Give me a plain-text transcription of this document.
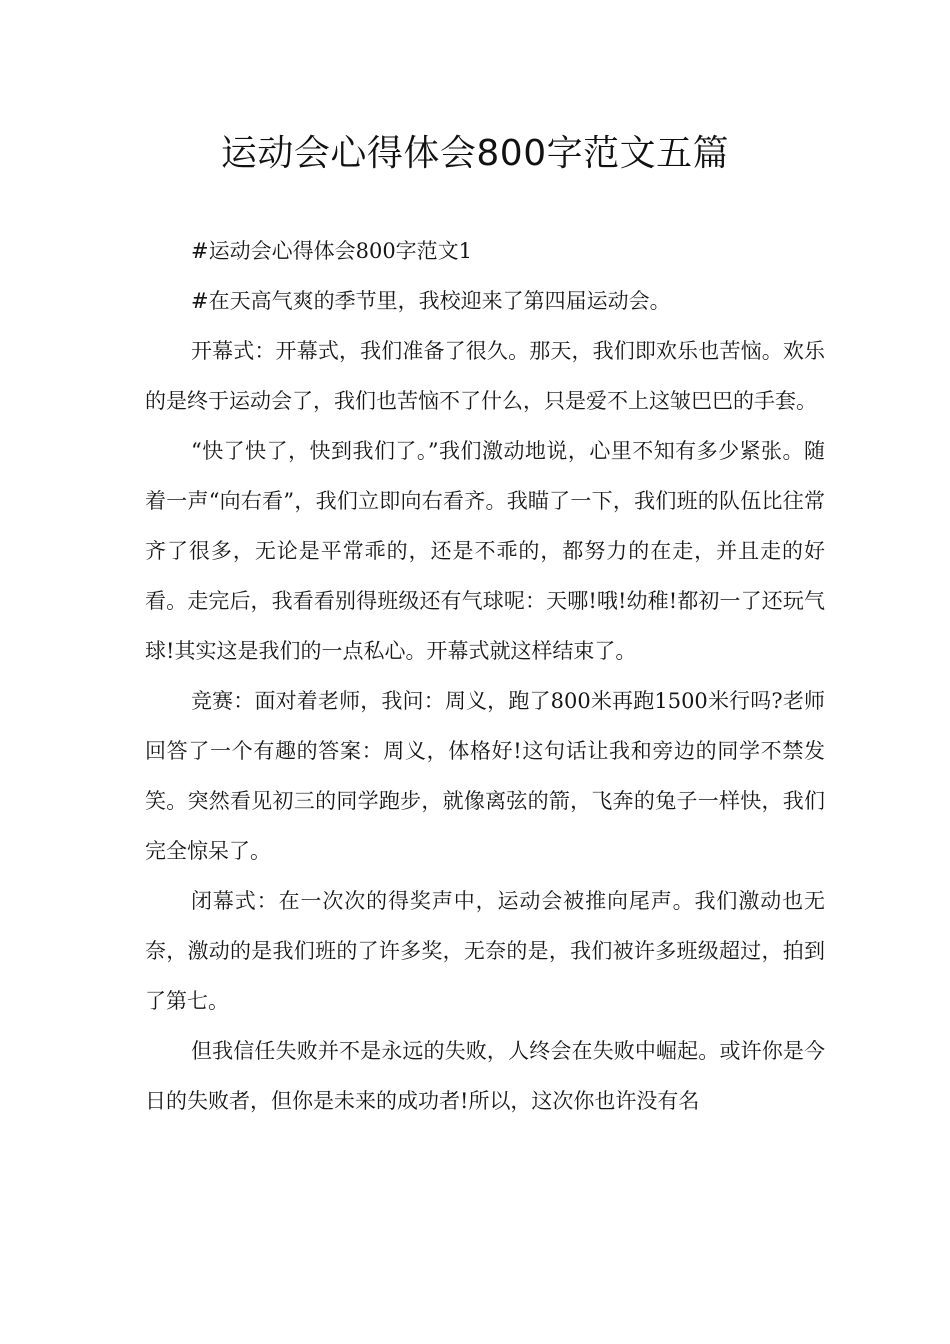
运动会心得体会800字范文五篇

#运动会心得体会800字范文1

#在天高气爽的季节里，我校迎来了第四届运动会。

开幕式：开幕式，我们准备了很久。那天，我们即欢乐也苦恼。欢乐的是终于运动会了，我们也苦恼不了什么，只是爱不上这皱巴巴的手套。

“快了快了，快到我们了。”我们激动地说，心里不知有多少紧张。随着一声“向右看”，我们立即向右看齐。我瞄了一下，我们班的队伍比往常齐了很多，无论是平常乖的，还是不乖的，都努力的在走，并且走的好看。走完后，我看看别得班级还有气球呢：天哪!哦!幼稚!都初一了还玩气球!其实这是我们的一点私心。开幕式就这样结束了。

竞赛：面对着老师，我问：周义，跑了800米再跑1500米行吗?老师回答了一个有趣的答案：周义，体格好!这句话让我和旁边的同学不禁发笑。突然看见初三的同学跑步，就像离弦的箭，飞奔的兔子一样快，我们完全惊呆了。

闭幕式：在一次次的得奖声中，运动会被推向尾声。我们激动也无奈，激动的是我们班的了许多奖，无奈的是，我们被许多班级超过，拍到了第七。

但我信任失败并不是永远的失败，人终会在失败中崛起。或许你是今日的失败者，但你是未来的成功者!所以，这次你也许没有名
